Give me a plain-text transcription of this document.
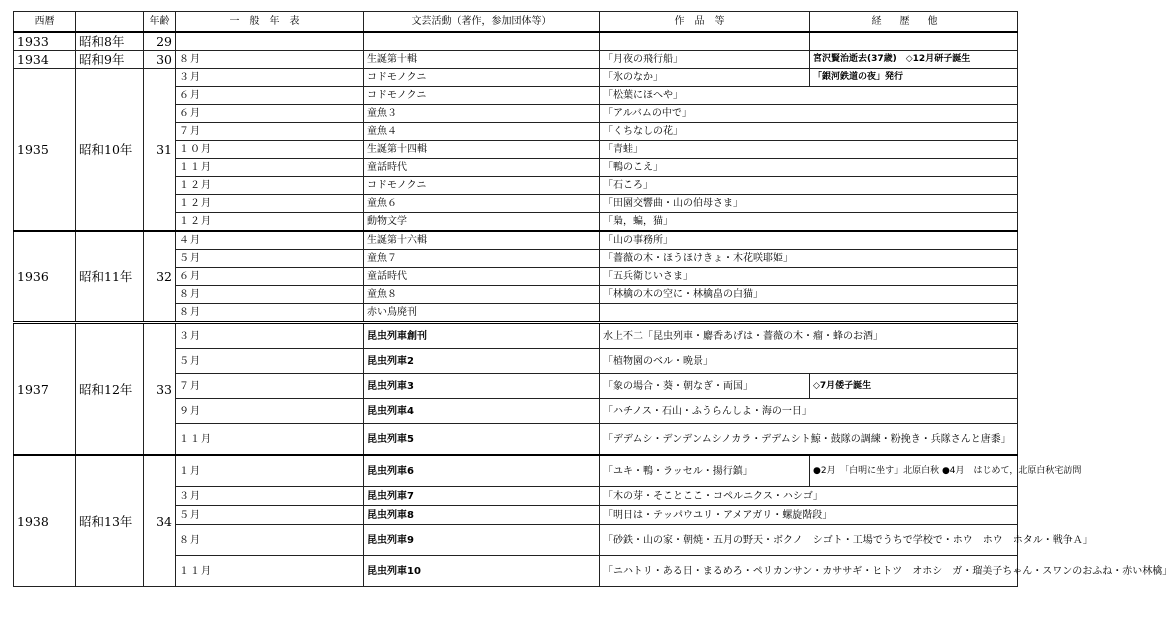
西暦		年齢	一般年表	文芸活動（著作，参加団体等）	作品等	経歴他
1933	昭和8年	29				
1934	昭和9年	30	８月	生誕第十輯	「月夜の飛行船」	宮沢賢治逝去(37歳)　◇12月研子誕生
1935	昭和10年	31	３月	コドモノクニ	「氷のなか」	「銀河鉄道の夜」発行
			６月	コドモノクニ	「松葉にほへや」	
			６月	童魚３	「アルバムの中で」	
			７月	童魚４	「くちなしの花」	
			１０月	生誕第十四輯	「青蛙」	
			１１月	童話時代	「鴨のこえ」	
			１２月	コドモノクニ	「石ころ」	
			１２月	童魚６	「田園交響曲・山の伯母さま」	
			１２月	動物文学	「梟，蝙，猫」	
1936	昭和11年	32	４月	生誕第十六輯	「山の事務所」	
			５月	童魚７	「薔薇の木・ほうほけきょ・木花咲耶姫」	
			６月	童話時代	「五兵衛じいさま」	
			８月	童魚８	「林檎の木の空に・林檎畠の白猫」	
			８月	赤い鳥廃刊		
1937	昭和12年	33	３月	昆虫列車創刊	水上不二「昆虫列車・麝香あげは・薔薇の木・瘤・蜂のお酒」	
			５月	昆虫列車2	「植物園のベル・晩景」	
			７月	昆虫列車3	「象の場合・葵・朝なぎ・両国」	◇7月倭子誕生
			９月	昆虫列車4	「ハチノス・石山・ふうらんしよ・海の一日」	
			１１月	昆虫列車5	「デデムシ・デンデンムシノカラ・デデムシト鯨・鼓隊の調練・粉挽き・兵隊さんと唐黍」	
1938	昭和13年	34	１月	昆虫列車6	「ユキ・鴨・ラッセル・揚行鎮」	●2月　「白明に坐す」北原白秋 ●4月　はじめて，北原白秋宅訪問
			３月	昆虫列車7	「木の芽・そことここ・コペルニクス・ハシゴ」	
			５月	昆虫列車8	「明日は・テッパウユリ・アメアガリ・螺旋階段」	
			８月	昆虫列車9	「砂鉄・山の家・朝焼・五月の野天・ボクノ　シゴト・工場でうちで学校で・ホウ　ホウ　ホタル・戦争Ａ」	
			１１月	昆虫列車10	「ニハトリ・ある日・まるめろ・ペリカンサン・カササギ・ヒトツ　オホシ　ガ・瑠美子ちゃん・スワンのおふね・赤い林檎」	
